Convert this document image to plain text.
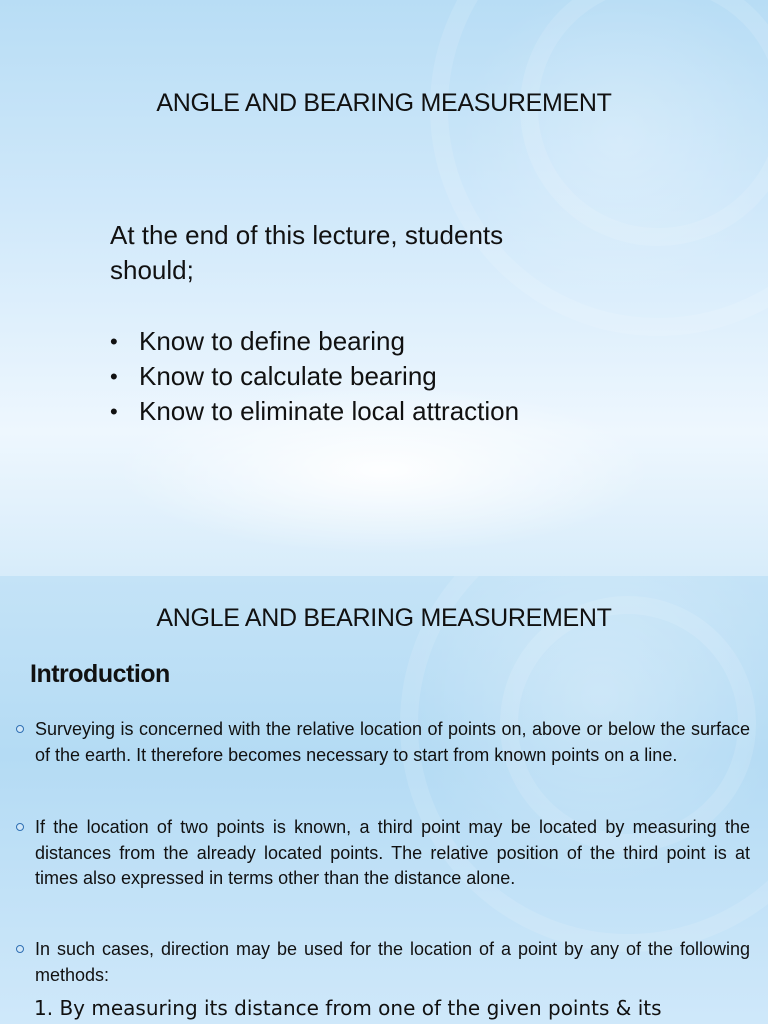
ANGLE AND BEARING MEASUREMENT
At the end of this lecture, students
should;
• Know to define bearing
• Know to calculate bearing
• Know to eliminate local attraction
ANGLE AND BEARING MEASUREMENT
Introduction
Surveying is concerned with the relative location of points on, above or below the surface of the earth. It therefore becomes necessary to start from known points on a line.
If the location of two points is known, a third point may be located by measuring the distances from the already located points. The relative position of the third point is at times also expressed in terms other than the distance alone.
In such cases, direction may be used for the location of a point by any of the following methods:
1. By measuring its distance from one of the given points & its
